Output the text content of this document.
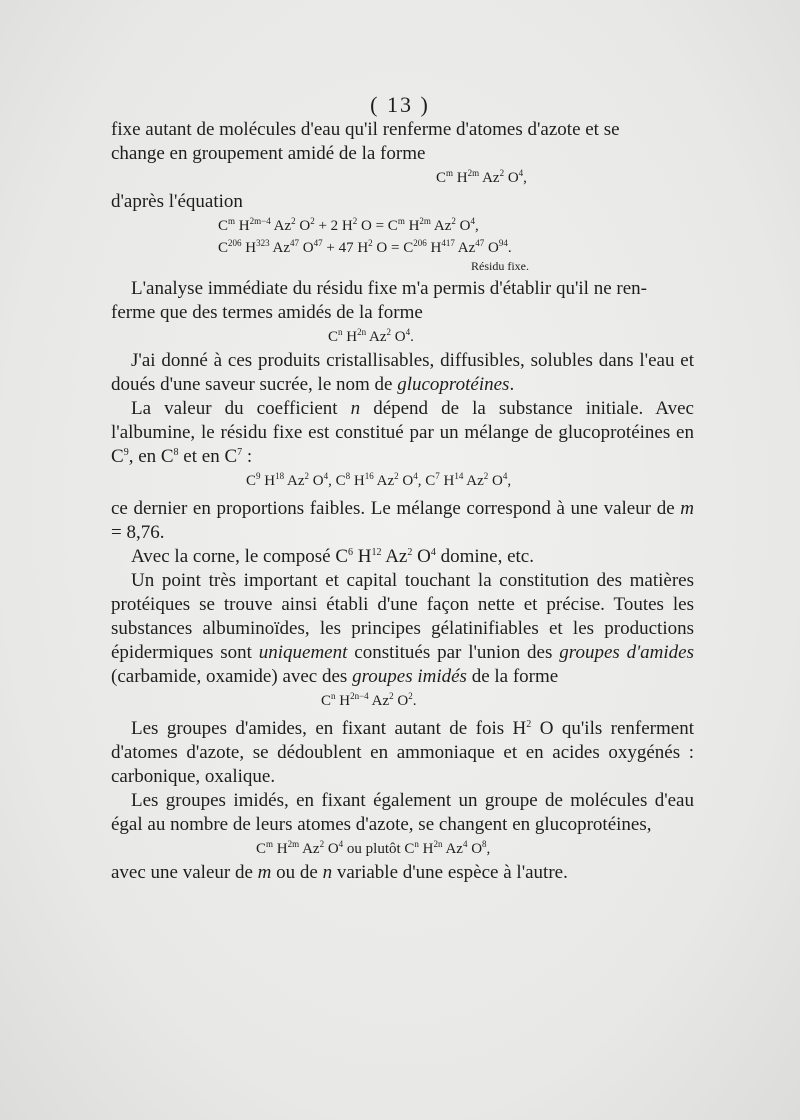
( 13 )

fixe autant de molécules d'eau qu'il renferme d'atomes d'azote et se
change en groupement amidé de la forme

$C^m$ $H^{2m}$ Az$^2$ $O^4$,

d'après l'équation

$C^m$ $H^{2m-4}$ Az$^2$ $O^2 + 2$ $H^2$ $O = C^m$ $H^{2m}$ Az$^2$ $O^4$,
$C^{206}$ $H^{323}$ Az$^{47}$ $O^{47} + 47$ $H^2$ $O = C^{206}$ $H^{417}$ Az$^{47}$ $O^{94}$.
Résidu fixe.

L'analyse immédiate du résidu fixe m'a permis d'établir qu'il ne ren-
ferme que des termes amidés de la forme

$C^n$ $H^{2n}$ Az$^2$ $O^4$.

J'ai donné à ces produits cristallisables, diffusibles, solubles dans l'eau et doués d'une saveur sucrée, le nom de glucoprotéines.

La valeur du coefficient n dépend de la substance initiale. Avec l'albumine, le résidu fixe est constitué par un mélange de glucoprotéines en $C^9$, en $C^8$ et en $C^7$ :

$C^9$ $H^{18}$ Az$^2$ $O^4$, $C^8$ $H^{16}$ Az$^2$ $O^4$, $C^7$ $H^{14}$ Az$^2$ $O^4$,

ce dernier en proportions faibles. Le mélange correspond à une valeur de m = 8,76.

Avec la corne, le composé $C^6$ $H^{12}$ Az$^2$ $O^4$ domine, etc.

Un point très important et capital touchant la constitution des matières protéiques se trouve ainsi établi d'une façon nette et précise. Toutes les substances albuminoïdes, les principes gélatinifiables et les productions épidermiques sont uniquement constitués par l'union des groupes d'amides (carbamide, oxamide) avec des groupes imidés de la forme

$C^n$ $H^{2n-4}$ Az$^2$ $O^2$.

Les groupes d'amides, en fixant autant de fois $H^2$ O qu'ils renferment d'atomes d'azote, se dédoublent en ammoniaque et en acides oxygénés : carbonique, oxalique.

Les groupes imidés, en fixant également un groupe de molécules d'eau égal au nombre de leurs atomes d'azote, se changent en glucoprotéines,

$C^m$ $H^{2m}$ Az$^2$ $O^4$ ou plutôt $C^n$ $H^{2n}$ Az$^4$ $O^8$,

avec une valeur de m ou de n variable d'une espèce à l'autre.
